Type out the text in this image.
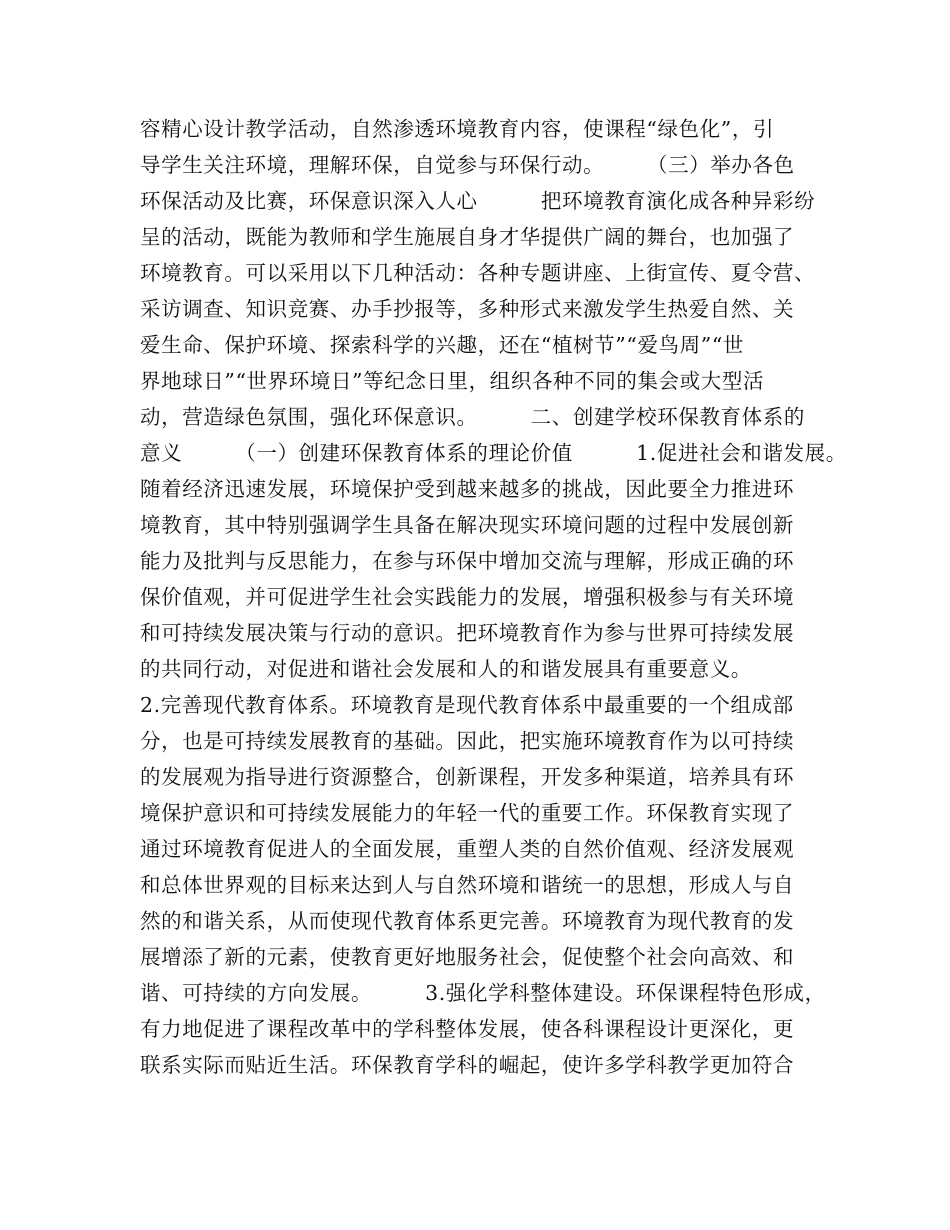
容精心设计教学活动，自然渗透环境教育内容，使课程“绿色化”，引
导学生关注环境，理解环保，自觉参与环保行动。　　　（三）举办各色
环保活动及比赛，环保意识深入人心　　　把环境教育演化成各种异彩纷
呈的活动，既能为教师和学生施展自身才华提供广阔的舞台，也加强了
环境教育。可以采用以下几种活动：各种专题讲座、上街宣传、夏令营、
采访调查、知识竞赛、办手抄报等，多种形式来激发学生热爱自然、关
爱生命、保护环境、探索科学的兴趣，还在“植树节”“爱鸟周”“世
界地球日”“世界环境日”等纪念日里，组织各种不同的集会或大型活
动，营造绿色氛围，强化环保意识。　　　二、创建学校环保教育体系的
意义　　　（一）创建环保教育体系的理论价值　　　1.促进社会和谐发展。
随着经济迅速发展，环境保护受到越来越多的挑战，因此要全力推进环
境教育，其中特别强调学生具备在解决现实环境问题的过程中发展创新
能力及批判与反思能力，在参与环保中增加交流与理解，形成正确的环
保价值观，并可促进学生社会实践能力的发展，增强积极参与有关环境
和可持续发展决策与行动的意识。把环境教育作为参与世界可持续发展
的共同行动，对促进和谐社会发展和人的和谐发展具有重要意义。
2.完善现代教育体系。环境教育是现代教育体系中最重要的一个组成部
分，也是可持续发展教育的基础。因此，把实施环境教育作为以可持续
的发展观为指导进行资源整合，创新课程，开发多种渠道，培养具有环
境保护意识和可持续发展能力的年轻一代的重要工作。环保教育实现了
通过环境教育促进人的全面发展，重塑人类的自然价值观、经济发展观
和总体世界观的目标来达到人与自然环境和谐统一的思想，形成人与自
然的和谐关系，从而使现代教育体系更完善。环境教育为现代教育的发
展增添了新的元素，使教育更好地服务社会，促使整个社会向高效、和
谐、可持续的方向发展。　　　3.强化学科整体建设。环保课程特色形成，
有力地促进了课程改革中的学科整体发展，使各科课程设计更深化，更
联系实际而贴近生活。环保教育学科的崛起，使许多学科教学更加符合
